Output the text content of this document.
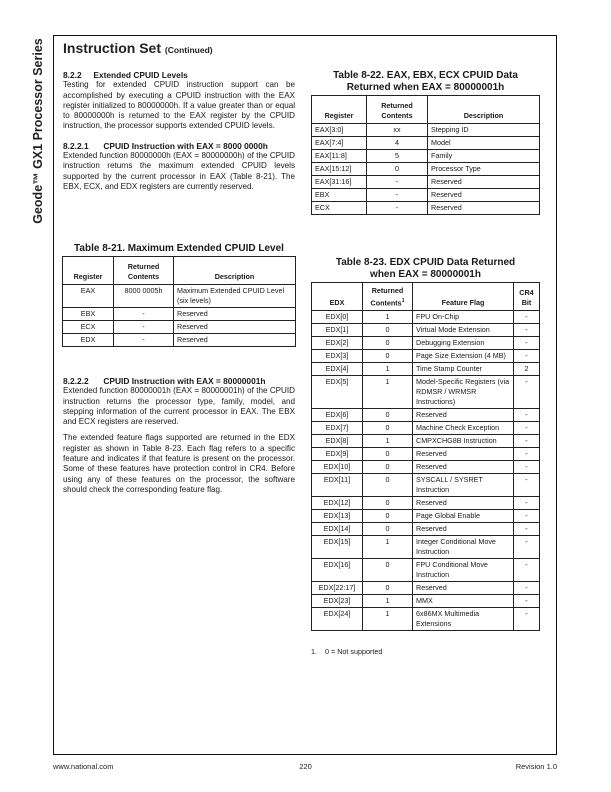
Geode™ GX1 Processor Series Instruction Set (Continued)
8.2.2 Extended CPUID Levels

Testing for extended CPUID instruction support can be accomplished by executing a CPUID instruction with the EAX register initialized to 80000000h. If a value greater than or equal to 80000000h is returned to the EAX register by the CPUID instruction, the processor supports extended CPUID levels.

8.2.2.1 CPUID Instruction with EAX = 8000 0000h

Extended function 80000000h (EAX = 80000000h) of the CPUID instruction returns the maximum extended CPUID levels supported by the current processor in EAX (Table 8-21). The EBX, ECX, and EDX registers are currently reserved.

Table 8-21. Maximum Extended CPUID Level
Register	Returned Contents	Description
EAX	8000 0005h	Maximum Extended CPUID Level (six levels)
EBX	-	Reserved
ECX	-	Reserved
EDX	-	Reserved
8.2.2.2 CPUID Instruction with EAX = 80000001h

Extended function 80000001h (EAX = 80000001h) of the CPUID instruction returns the processor type, family, model, and stepping information of the current processor in EAX. The EBX and ECX registers are reserved.

The extended feature flags supported are returned in the EDX register as shown in Table 8-23. Each flag refers to a specific feature and indicates if that feature is present on the processor. Some of these features have protection control in CR4. Before using any of these features on the processor, the software should check the corresponding feature flag.

Table 8-22. EAX, EBX, ECX CPUID Data
Returned when EAX = 80000001h
Register	Returned Contents	Description
EAX[3:0]	xx	Stepping ID
EAX[7:4]	4	Model
EAX[11:8]	5	Family
EAX[15:12]	0	Processor Type
EAX[31:16]	-	Reserved
EBX	-	Reserved
ECX	-	Reserved
Table 8-23. EDX CPUID Data Returned
when EAX = 80000001h
EDX	Returned Contents$^1$	Feature Flag	CR4 Bit
EDX[0]	1	FPU On-Chip	-
EDX[1]	0	Virtual Mode Extension	-
EDX[2]	0	Debugging Extension	-
EDX[3]	0	Page Size Extension (4 MB)	-
EDX[4]	1	Time Stamp Counter	2
EDX[5]	1	Model-Specific Registers (via RDMSR / WRMSR Instructions)	-
EDX[6]	0	Reserved	-
EDX[7]	0	Machine Check Exception	-
EDX[8]	1	CMPXCHG8B Instruction	-
EDX[9]	0	Reserved	-
EDX[10]	0	Reserved	-
EDX[11]	0	SYSCALL / SYSRET Instruction	-
EDX[12]	0	Reserved	-
EDX[13]	0	Page Global Enable	-
EDX[14]	0	Reserved	-
EDX[15]	1	Integer Conditional Move Instruction	-
EDX[16]	0	FPU Conditional Move Instruction	-
EDX[22:17]	0	Reserved	-
EDX[23]	1	MMX	-
EDX[24]	1	6x86MX Multimedia Extensions	-
1. 0 = Not supported
www.national.com	220	Revision 1.0
